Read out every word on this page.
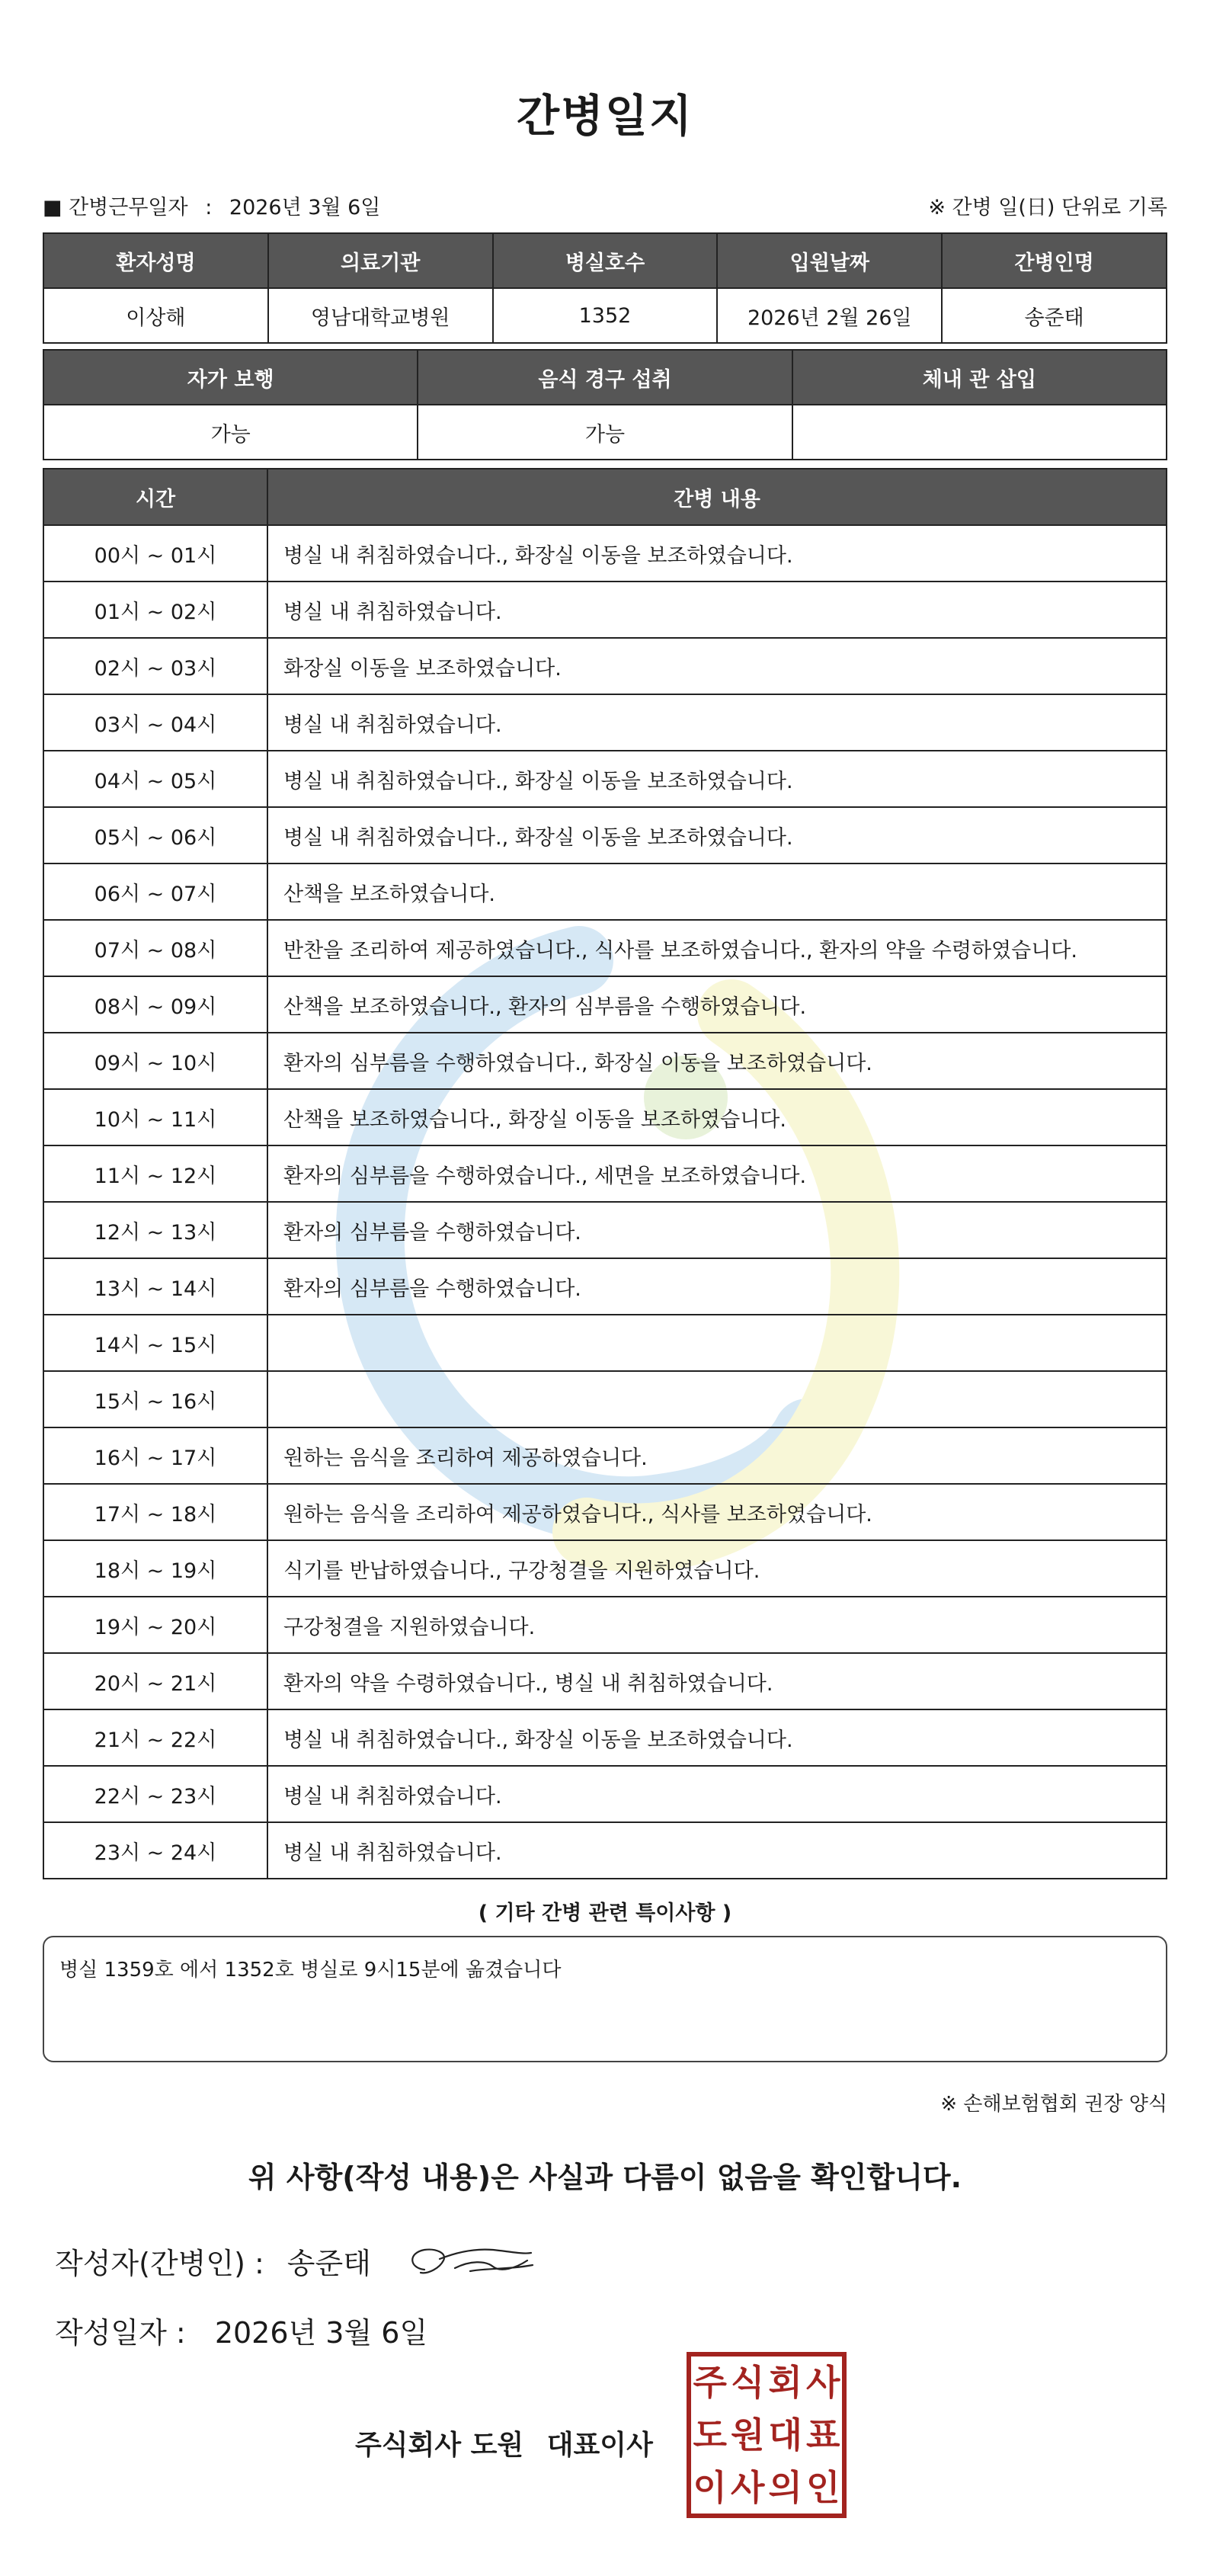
간병일지
■ 간병근무일자 : 2026년 3월 6일	※ 간병 일(日) 단위로 기록
환자성명	의료기관	병실호수	입원날짜	간병인명
이상해	영남대학교병원	1352	2026년 2월 26일	송준태
자가 보행	음식 경구 섭취	체내 관 삽입
가능	가능	
시간	간병 내용
00시 ~ 01시	병실 내 취침하였습니다., 화장실 이동을 보조하였습니다.
01시 ~ 02시	병실 내 취침하였습니다.
02시 ~ 03시	화장실 이동을 보조하였습니다.
03시 ~ 04시	병실 내 취침하였습니다.
04시 ~ 05시	병실 내 취침하였습니다., 화장실 이동을 보조하였습니다.
05시 ~ 06시	병실 내 취침하였습니다., 화장실 이동을 보조하였습니다.
06시 ~ 07시	산책을 보조하였습니다.
07시 ~ 08시	반찬을 조리하여 제공하였습니다., 식사를 보조하였습니다., 환자의 약을 수령하였습니다.
08시 ~ 09시	산책을 보조하였습니다., 환자의 심부름을 수행하였습니다.
09시 ~ 10시	환자의 심부름을 수행하였습니다., 화장실 이동을 보조하였습니다.
10시 ~ 11시	산책을 보조하였습니다., 화장실 이동을 보조하였습니다.
11시 ~ 12시	환자의 심부름을 수행하였습니다., 세면을 보조하였습니다.
12시 ~ 13시	환자의 심부름을 수행하였습니다.
13시 ~ 14시	환자의 심부름을 수행하였습니다.
14시 ~ 15시	
15시 ~ 16시	
16시 ~ 17시	원하는 음식을 조리하여 제공하였습니다.
17시 ~ 18시	원하는 음식을 조리하여 제공하였습니다., 식사를 보조하였습니다.
18시 ~ 19시	식기를 반납하였습니다., 구강청결을 지원하였습니다.
19시 ~ 20시	구강청결을 지원하였습니다.
20시 ~ 21시	환자의 약을 수령하였습니다., 병실 내 취침하였습니다.
21시 ~ 22시	병실 내 취침하였습니다., 화장실 이동을 보조하였습니다.
22시 ~ 23시	병실 내 취침하였습니다.
23시 ~ 24시	병실 내 취침하였습니다.
( 기타 간병 관련 특이사항 )
병실 1359호 에서 1352호 병실로 9시15분에 옮겼습니다
※ 손해보험협회 권장 양식
위 사항(작성 내용)은 사실과 다름이 없음을 확인합니다.
작성자(간병인) : 송준태
작성일자 : 2026년 3월 6일
주식회사 도원 대표이사
주 식 회 사
도 원 대 표
이 사 의 인
